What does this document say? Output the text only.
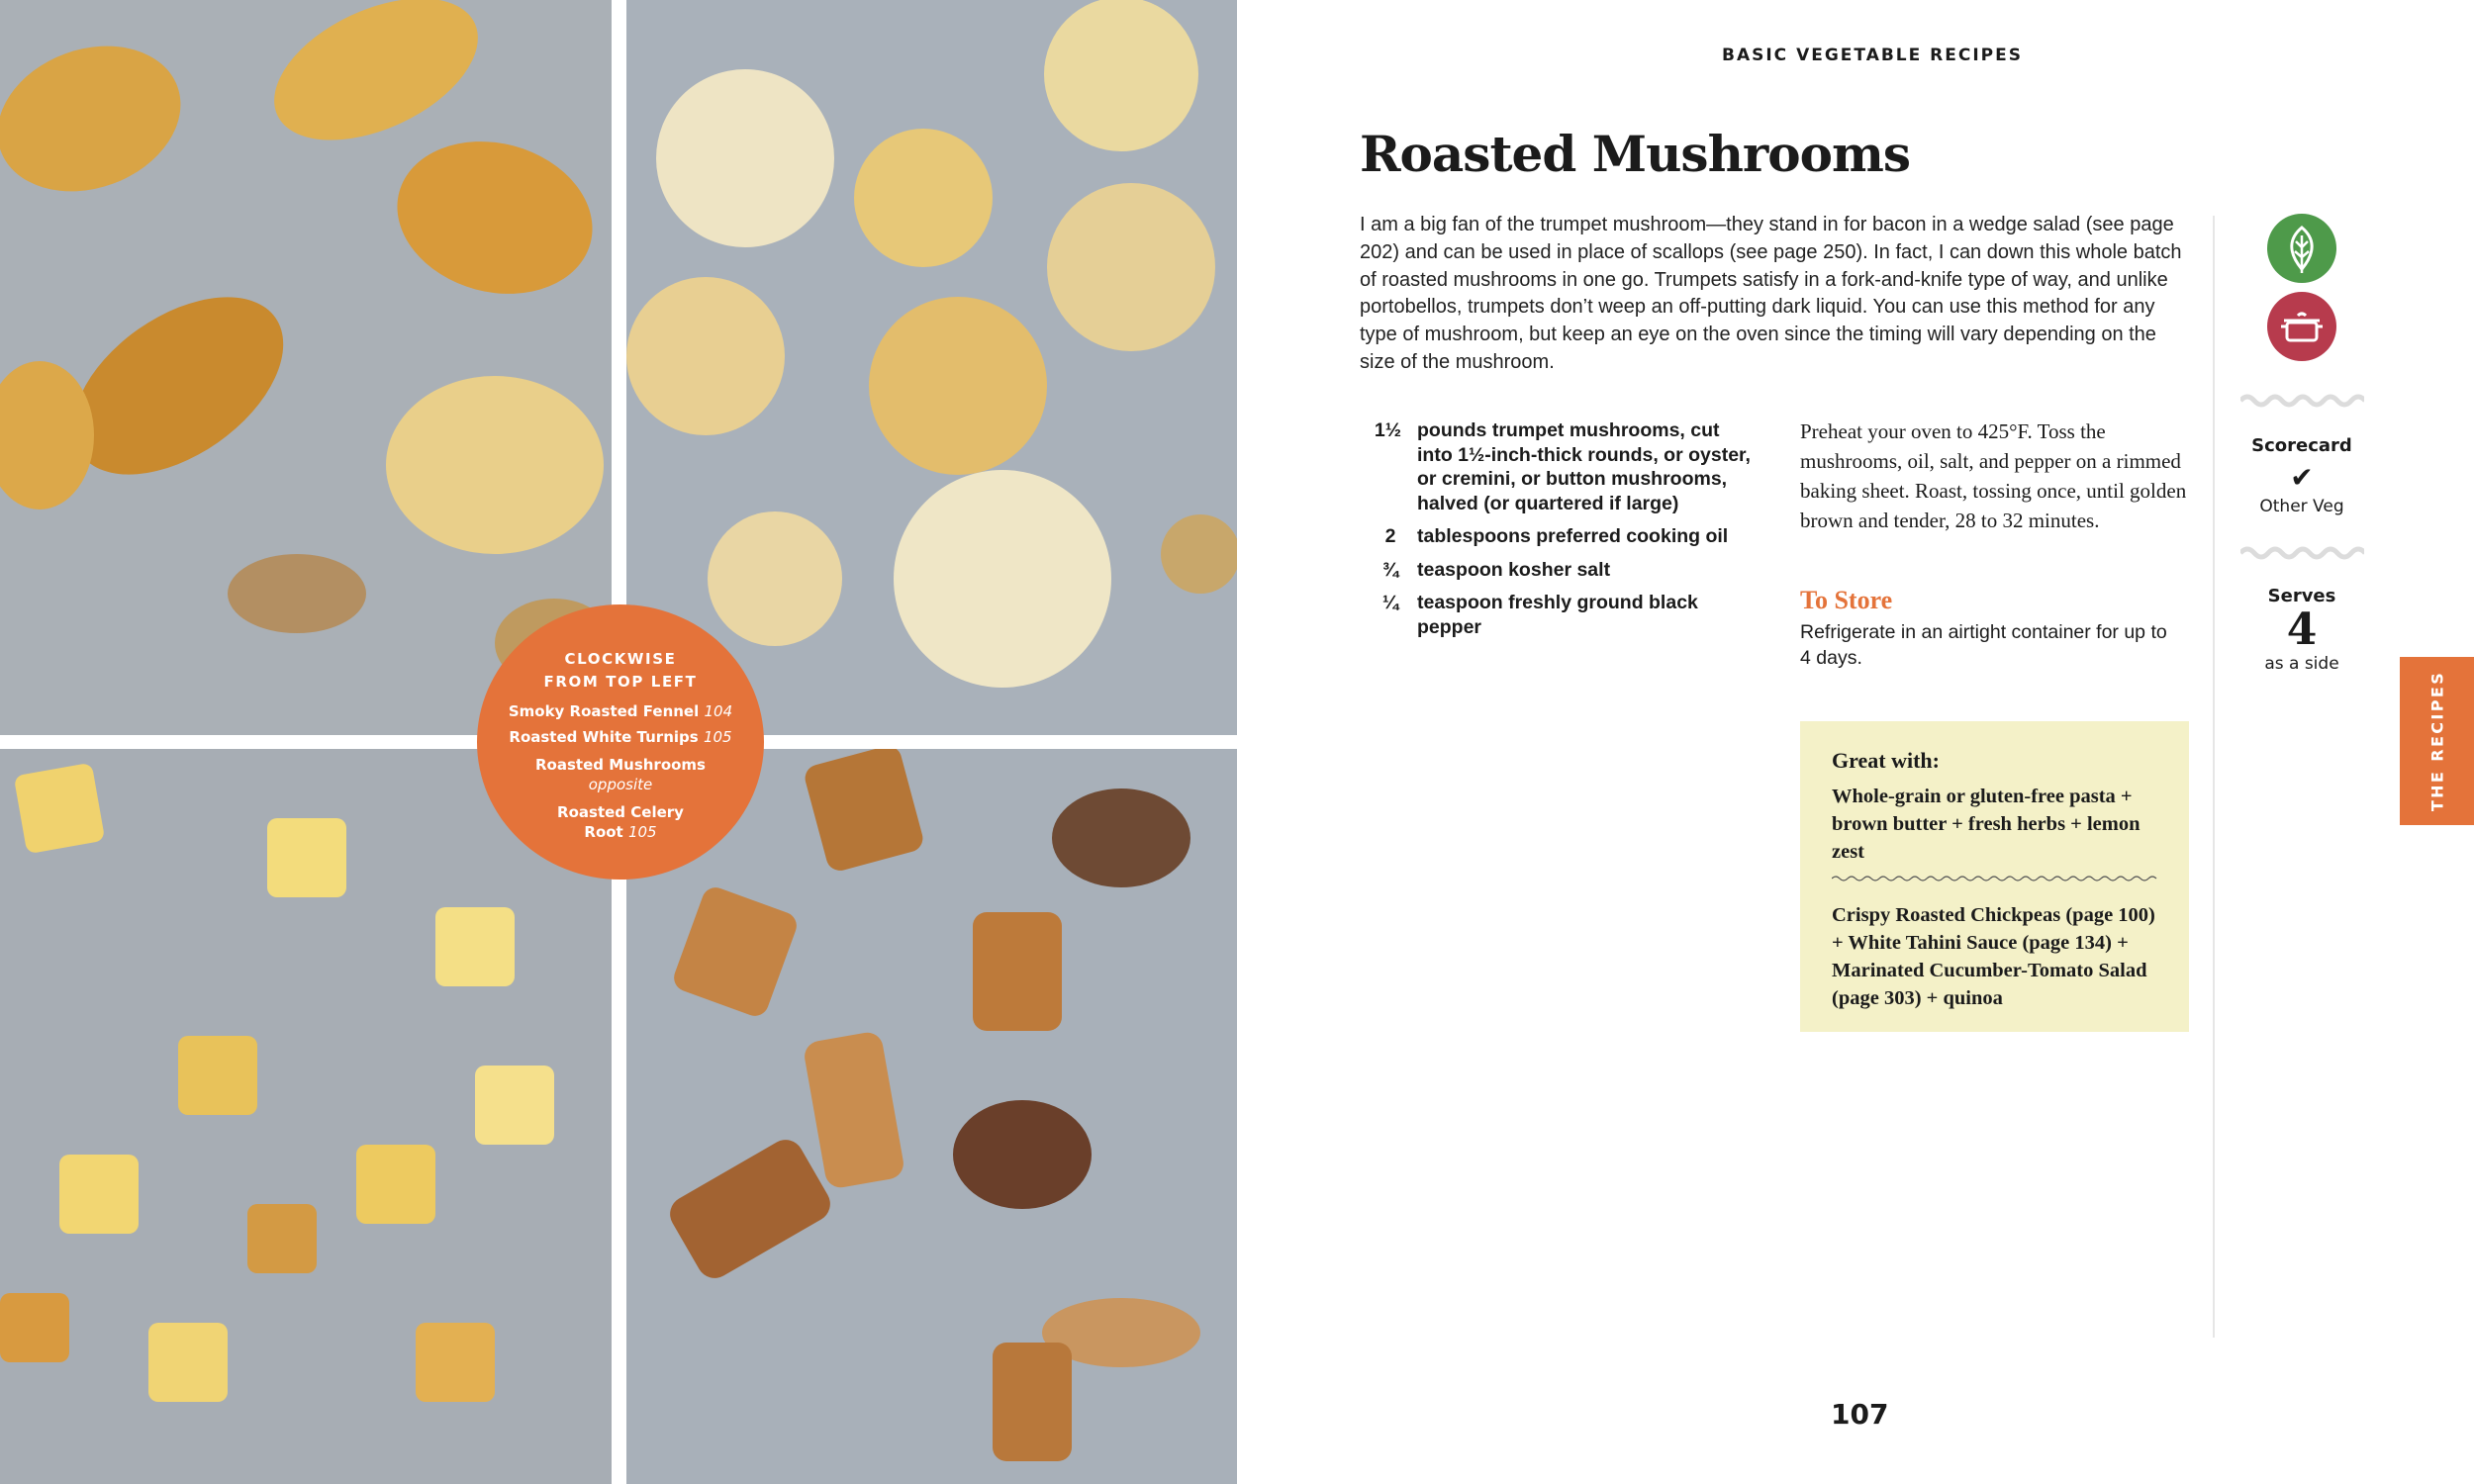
CLOCKWISE
FROM TOP LEFT
Smoky Roasted Fennel 104
Roasted White Turnips 105
Roasted Mushrooms
opposite
Roasted Celery
Root 105
BASIC VEGETABLE RECIPES
Roasted Mushrooms
I am a big fan of the trumpet mushroom—they stand in for bacon in a wedge salad (see page 202) and can be used in place of scallops (see page 250). In fact, I can down this whole batch of roasted mushrooms in one go. Trumpets satisfy in a fork-and-knife type of way, and unlike portobellos, trumpets don’t weep an off-putting dark liquid. You can use this method for any type of mushroom, but keep an eye on the oven since the timing will vary depending on the size of the mushroom.
1½ pounds trumpet mushrooms, cut into 1½-inch-thick rounds, or oyster, or cremini, or button mushrooms, halved (or quartered if large)
2	tablespoons preferred cooking oil
¾ teaspoon kosher salt
¼ teaspoon freshly ground black pepper
Preheat your oven to 425°F. Toss the mushrooms, oil, salt, and pepper on a rimmed baking sheet. Roast, tossing once, until golden brown and tender, 28 to 32 minutes.
To Store
Refrigerate in an airtight container for up to 4 days.
Great with:
Whole-grain or gluten-free pasta + brown butter + fresh herbs + lemon zest
Crispy Roasted Chickpeas (page 100) + White Tahini Sauce (page 134) + Marinated Cucumber-Tomato Salad (page 303) + quinoa
Scorecard
✔
Other Veg
Serves
4
as a side
THE RECIPES
107
